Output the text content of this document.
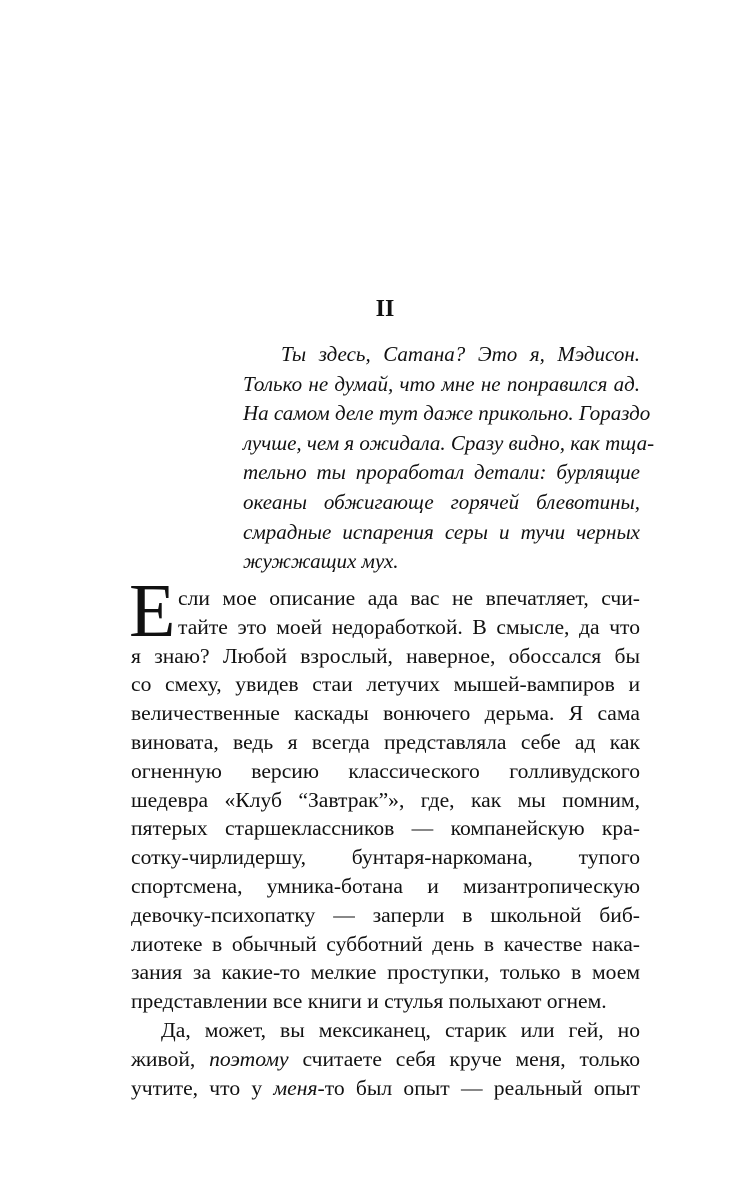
II
Ты здесь, Сатана? Это я, Мэдисон.
Только не думай, что мне не понравился ад.
На самом деле тут даже прикольно. Гораздо
лучше, чем я ожидала. Сразу видно, как тща-
тельно ты проработал детали: бурлящие
океаны обжигающе горячей блевотины,
смрадные испарения серы и тучи черных
жужжащих мух.
Е сли мое описание ада вас не впечатляет, счи-
тайте это моей недоработкой. В смысле, да что
я знаю? Любой взрослый, наверное, обоссался бы
со смеху, увидев стаи летучих мышей-вампиров и
величественные каскады вонючего дерьма. Я сама
виновата, ведь я всегда представляла себе ад как
огненную версию классического голливудского
шедевра «Клуб “Завтрак”», где, как мы помним,
пятерых старшеклассников — компанейскую кра-
сотку-чирлидершу, бунтаря-наркомана, тупого
спортсмена, умника-ботана и мизантропическую
девочку-психопатку — заперли в школьной биб-
лиотеке в обычный субботний день в качестве нака-
зания за какие-то мелкие проступки, только в моем
представлении все книги и стулья полыхают огнем.
Да, может, вы мексиканец, старик или гей, но
живой, поэтому считаете себя круче меня, только
учтите, что у меня-то был опыт — реальный опыт
